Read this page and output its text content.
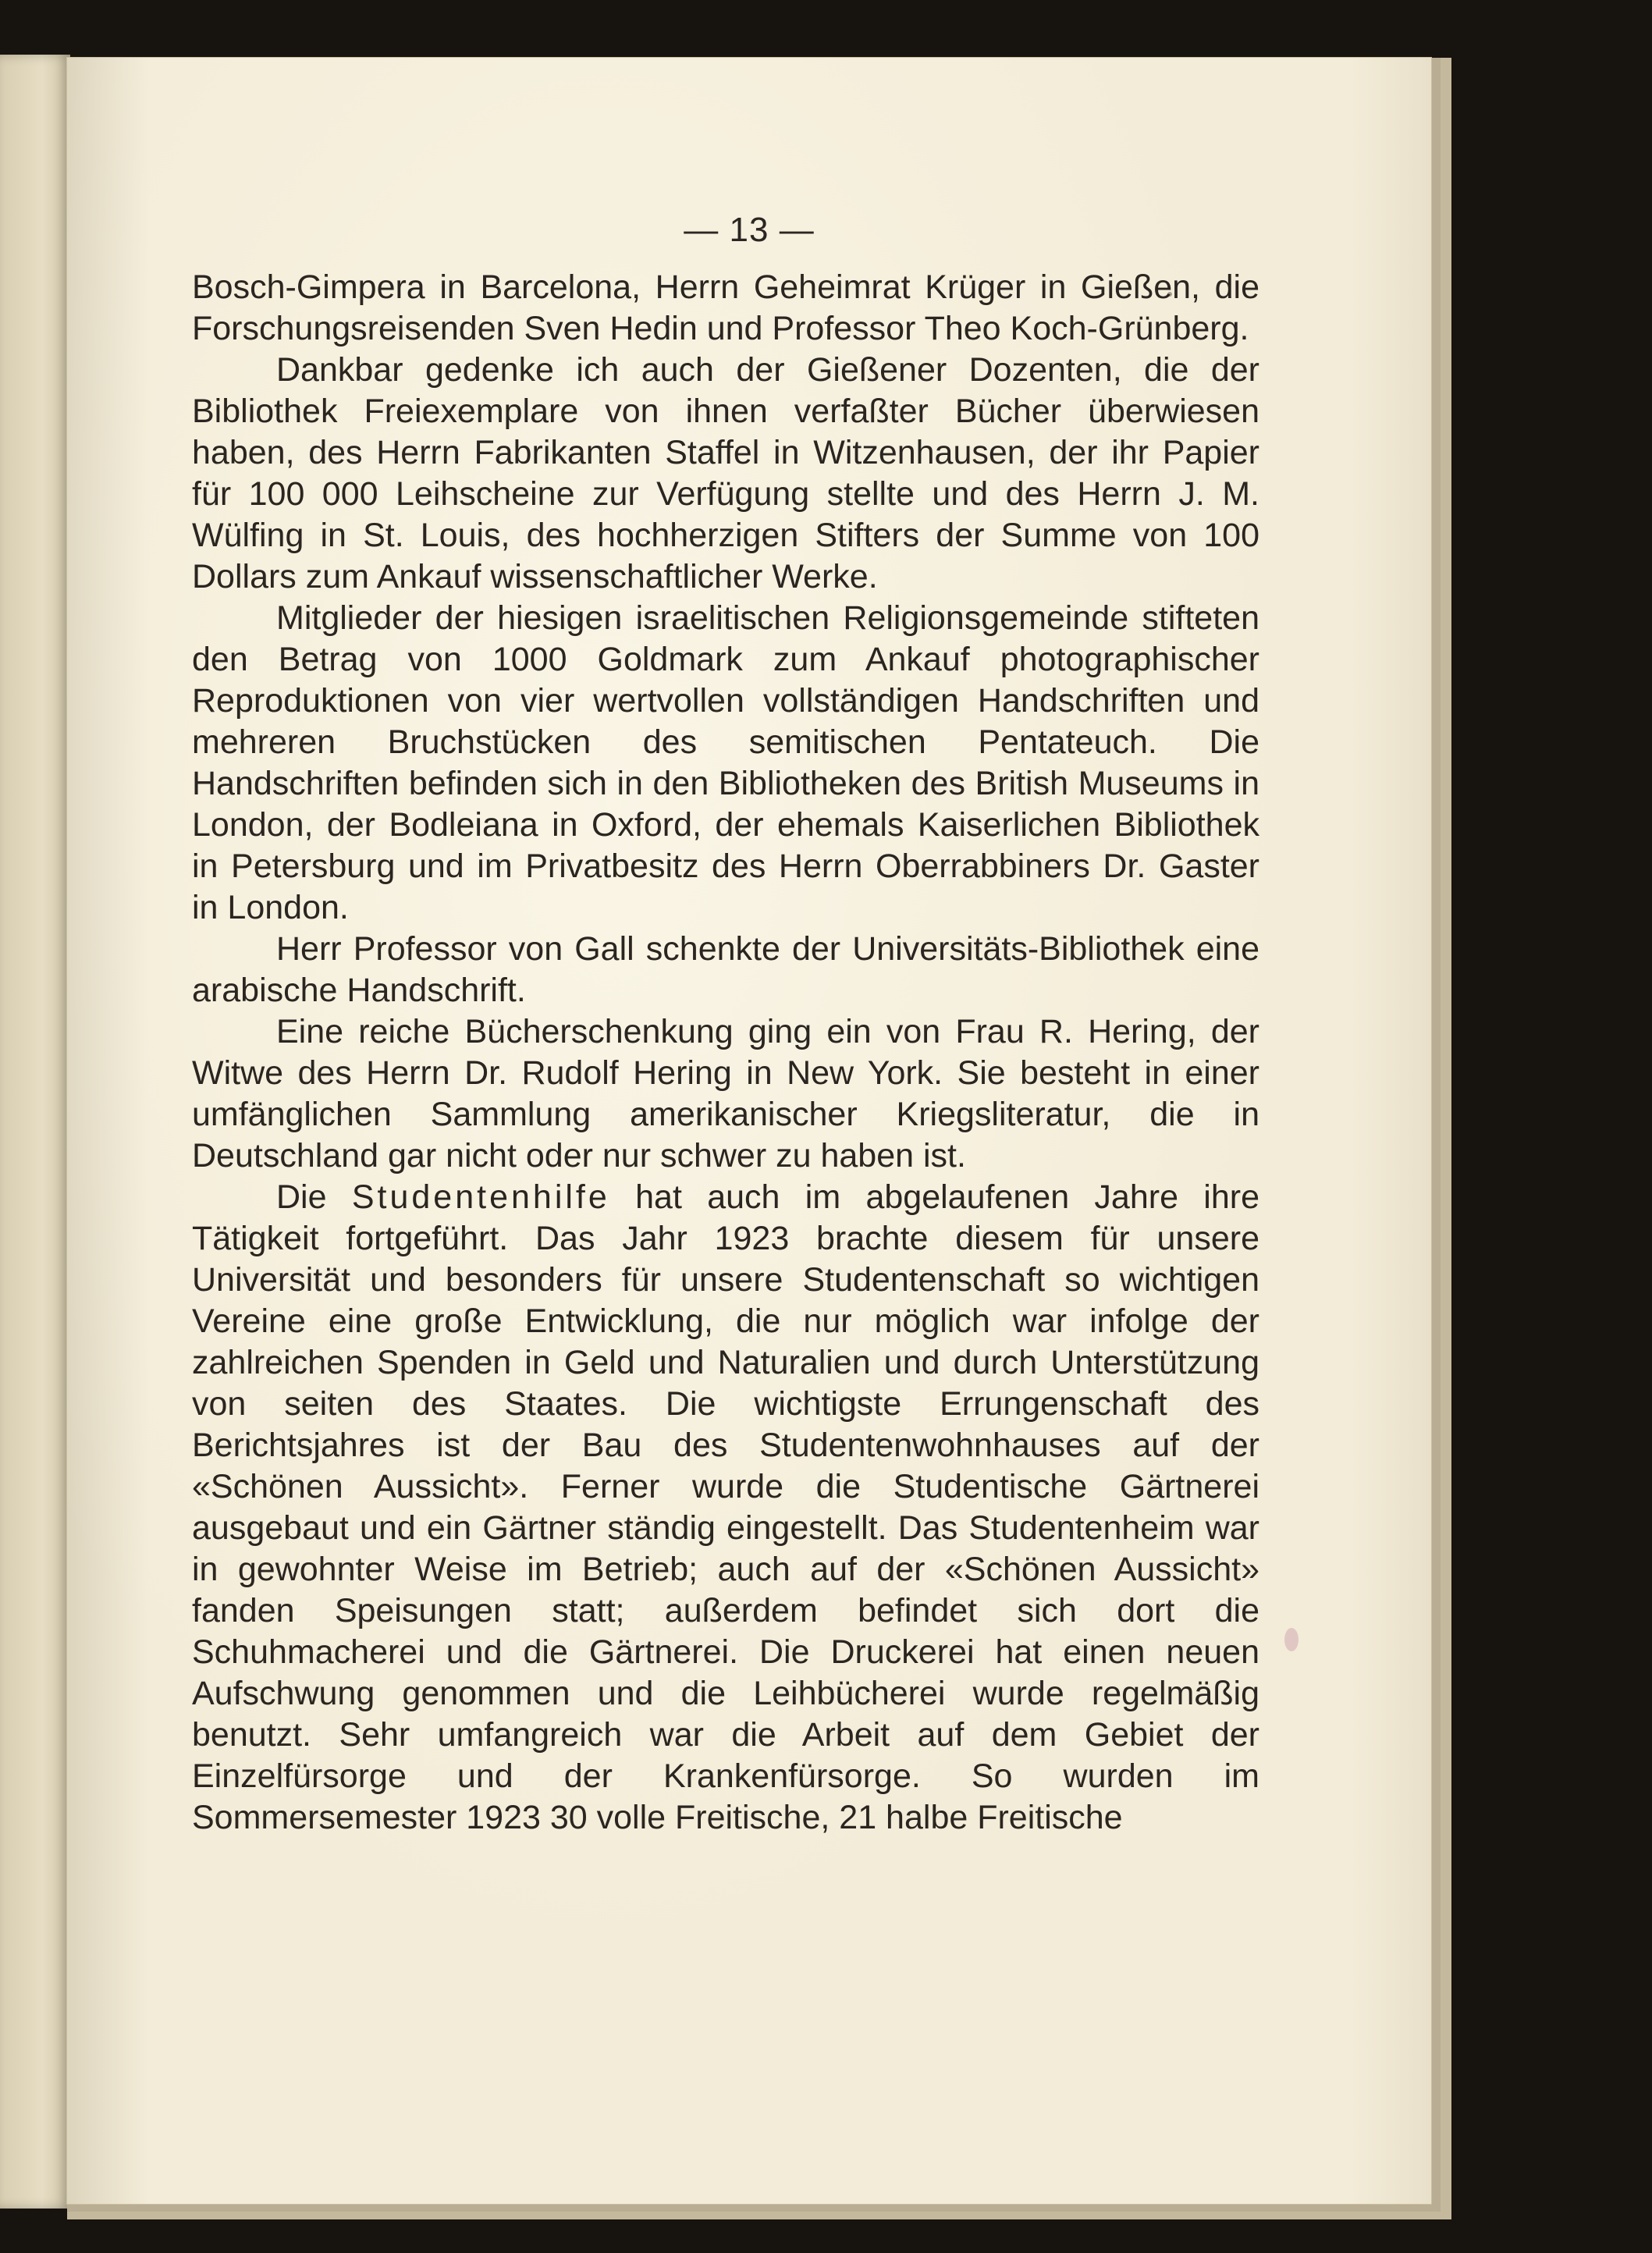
— 13 —

Bosch-Gimpera in Barcelona, Herrn Geheimrat Krüger in Gießen, die Forschungsreisenden Sven Hedin und Professor Theo Koch-Grünberg.

Dankbar gedenke ich auch der Gießener Dozenten, die der Bibliothek Freiexemplare von ihnen verfaßter Bücher überwiesen haben, des Herrn Fabrikanten Staffel in Witzenhausen, der ihr Papier für 100 000 Leihscheine zur Verfügung stellte und des Herrn J. M. Wülfing in St. Louis, des hochherzigen Stifters der Summe von 100 Dollars zum Ankauf wissenschaftlicher Werke.

Mitglieder der hiesigen israelitischen Religionsgemeinde stifteten den Betrag von 1000 Goldmark zum Ankauf photographischer Reproduktionen von vier wertvollen vollständigen Handschriften und mehreren Bruchstücken des semitischen Pentateuch. Die Handschriften befinden sich in den Bibliotheken des British Museums in London, der Bodleiana in Oxford, der ehemals Kaiserlichen Bibliothek in Petersburg und im Privatbesitz des Herrn Oberrabbiners Dr. Gaster in London.

Herr Professor von Gall schenkte der Universitäts-Bibliothek eine arabische Handschrift.

Eine reiche Bücherschenkung ging ein von Frau R. Hering, der Witwe des Herrn Dr. Rudolf Hering in New York. Sie besteht in einer umfänglichen Sammlung amerikanischer Kriegsliteratur, die in Deutschland gar nicht oder nur schwer zu haben ist.

Die Studentenhilfe hat auch im abgelaufenen Jahre ihre Tätigkeit fortgeführt. Das Jahr 1923 brachte diesem für unsere Universität und besonders für unsere Studentenschaft so wichtigen Vereine eine große Entwicklung, die nur möglich war infolge der zahlreichen Spenden in Geld und Naturalien und durch Unterstützung von seiten des Staates. Die wichtigste Errungenschaft des Berichtsjahres ist der Bau des Studentenwohnhauses auf der «Schönen Aussicht». Ferner wurde die Studentische Gärtnerei ausgebaut und ein Gärtner ständig eingestellt. Das Studentenheim war in gewohnter Weise im Betrieb; auch auf der «Schönen Aussicht» fanden Speisungen statt; außerdem befindet sich dort die Schuhmacherei und die Gärtnerei. Die Druckerei hat einen neuen Aufschwung genommen und die Leihbücherei wurde regelmäßig benutzt. Sehr umfangreich war die Arbeit auf dem Gebiet der Einzelfürsorge und der Krankenfürsorge. So wurden im Sommersemester 1923 30 volle Freitische, 21 halbe Freitische
